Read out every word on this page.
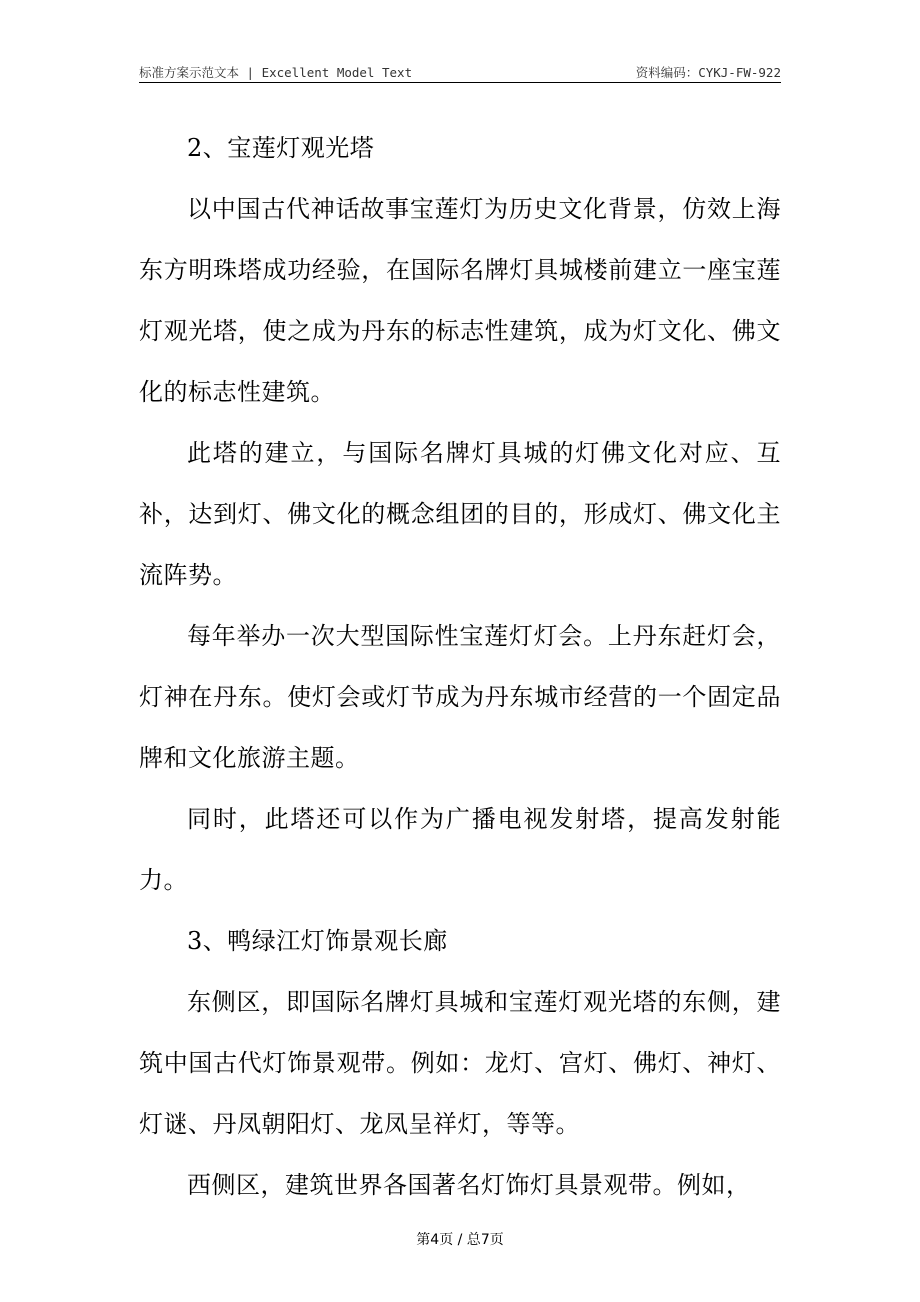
标准方案示范文本 | Excellent Model Text	资料编码：CYKJ-FW-922

2、宝莲灯观光塔

以中国古代神话故事宝莲灯为历史文化背景，仿效上海东方明珠塔成功经验，在国际名牌灯具城楼前建立一座宝莲灯观光塔，使之成为丹东的标志性建筑，成为灯文化、佛文化的标志性建筑。

此塔的建立，与国际名牌灯具城的灯佛文化对应、互补，达到灯、佛文化的概念组团的目的，形成灯、佛文化主流阵势。

每年举办一次大型国际性宝莲灯灯会。上丹东赶灯会，灯神在丹东。使灯会或灯节成为丹东城市经营的一个固定品牌和文化旅游主题。

同时，此塔还可以作为广播电视发射塔，提高发射能力。

3、鸭绿江灯饰景观长廊

东侧区，即国际名牌灯具城和宝莲灯观光塔的东侧，建筑中国古代灯饰景观带。例如：龙灯、宫灯、佛灯、神灯、灯谜、丹凤朝阳灯、龙凤呈祥灯，等等。

西侧区，建筑世界各国著名灯饰灯具景观带。例如，

第4页 / 总7页
